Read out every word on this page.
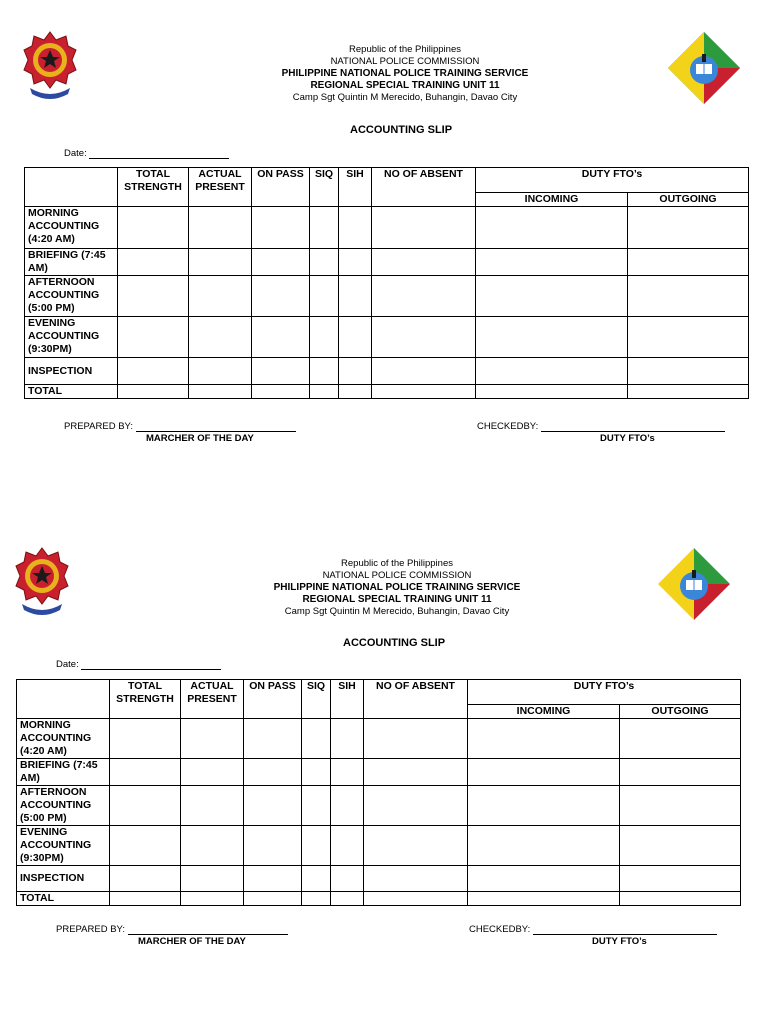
Republic of the Philippines
NATIONAL POLICE COMMISSION
PHILIPPINE NATIONAL POLICE TRAINING SERVICE
REGIONAL SPECIAL TRAINING UNIT 11
Camp Sgt Quintin M Merecido, Buhangin, Davao City
ACCOUNTING SLIP
Date:
	TOTAL STRENGTH	ACTUAL PRESENT	ON PASS	SIQ	SIH	NO OF ABSENT	DUTY FTO’s	
							INCOMING	OUTGOING
MORNING ACCOUNTING (4:20 AM)								
BRIEFING (7:45 AM)								
AFTERNOON ACCOUNTING (5:00 PM)								
EVENING ACCOUNTING (9:30PM)								
INSPECTION								
TOTAL								
PREPARED BY:
MARCHER OF THE DAY
CHECKEDBY:
DUTY FTO’s
Republic of the Philippines
NATIONAL POLICE COMMISSION
PHILIPPINE NATIONAL POLICE TRAINING SERVICE
REGIONAL SPECIAL TRAINING UNIT 11
Camp Sgt Quintin M Merecido, Buhangin, Davao City
ACCOUNTING SLIP
Date:
	TOTAL STRENGTH	ACTUAL PRESENT	ON PASS	SIQ	SIH	NO OF ABSENT	DUTY FTO’s	
							INCOMING	OUTGOING
MORNING ACCOUNTING (4:20 AM)								
BRIEFING (7:45 AM)								
AFTERNOON ACCOUNTING (5:00 PM)								
EVENING ACCOUNTING (9:30PM)								
INSPECTION								
TOTAL								
PREPARED BY:
MARCHER OF THE DAY
CHECKEDBY:
DUTY FTO’s
